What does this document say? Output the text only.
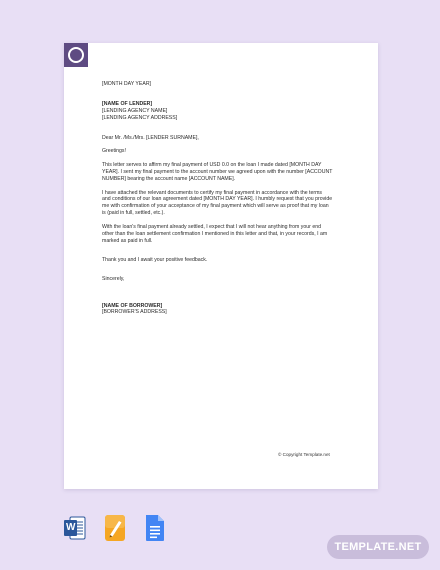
[MONTH DAY YEAR]
[NAME OF LENDER]
[LENDING AGENCY NAME]
[LENDING AGENCY ADDRESS]
Dear Mr. /Ms./Mrs. [LENDER SURNAME],
Greetings!
This letter serves to affirm my final payment of USD 0.0 on the loan I made dated [MONTH DAY
YEAR]. I sent my final payment to the account number we agreed upon with the number [ACCOUNT
NUMBER] bearing the account name [ACCOUNT NAME].
I have attached the relevant documents to certify my final payment in accordance with the terms
and conditions of our loan agreement dated [MONTH DAY YEAR]. I humbly request that you provide
me with confirmation of your acceptance of my final payment which will serve as proof that my loan
is (paid in full, settled, etc.).
With the loan's final payment already settled, I expect that I will not hear anything from your end
other than the loan settlement confirmation I mentioned in this letter and that, in your records, I am
marked as paid in full.
Thank you and I await your positive feedback.
Sincerely,
[NAME OF BORROWER]
[BORROWER'S ADDRESS]
© Copyright Template.net
W
TEMPLATE.NET
